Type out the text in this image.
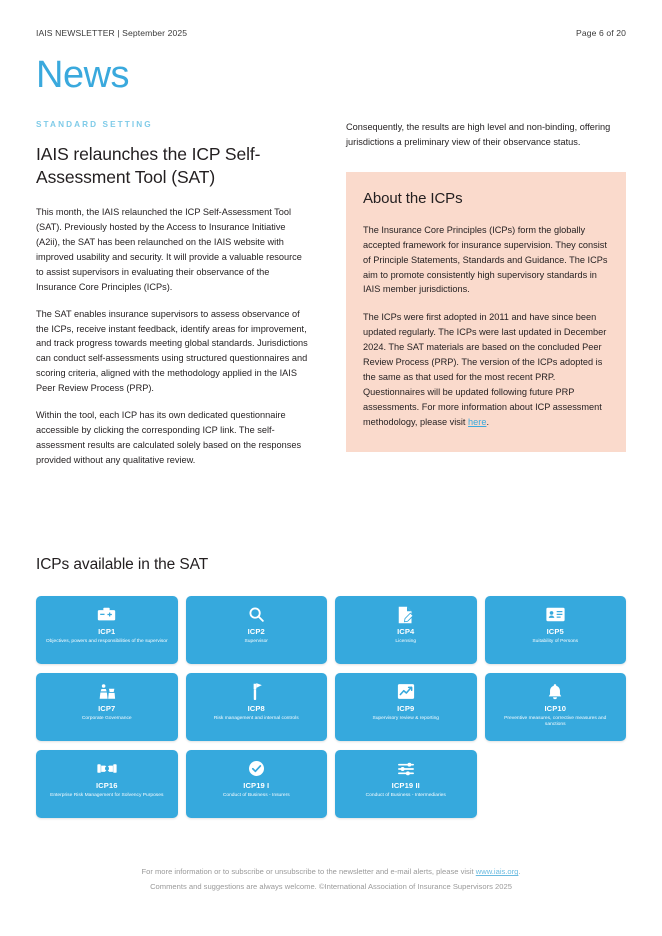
IAIS NEWSLETTER | September 2025	Page 6 of 20
News
STANDARD SETTING
IAIS relaunches the ICP Self-Assessment Tool (SAT)

This month, the IAIS relaunched the ICP Self-Assessment Tool (SAT). Previously hosted by the Access to Insurance Initiative (A2ii), the SAT has been relaunched on the IAIS website with improved usability and security. It will provide a valuable resource to assist supervisors in evaluating their observance of the Insurance Core Principles (ICPs).

The SAT enables insurance supervisors to assess observance of the ICPs, receive instant feedback, identify areas for improvement, and track progress towards meeting global standards. Jurisdictions can conduct self-assessments using structured questionnaires and scoring criteria, aligned with the methodology applied in the IAIS Peer Review Process (PRP).

Within the tool, each ICP has its own dedicated questionnaire accessible by clicking the corresponding ICP link. The self-assessment results are calculated solely based on the responses provided without any qualitative review.

Consequently, the results are high level and non-binding, offering jurisdictions a preliminary view of their observance status.

About the ICPs

The Insurance Core Principles (ICPs) form the globally accepted framework for insurance supervision. They consist of Principle Statements, Standards and Guidance. The ICPs aim to promote consistently high supervisory standards in IAIS member jurisdictions.

The ICPs were first adopted in 2011 and have since been updated regularly. The ICPs were last updated in December 2024. The SAT materials are based on the concluded Peer Review Process (PRP). The version of the ICPs adopted is the same as that used for the most recent PRP. Questionnaires will be updated following future PRP assessments. For more information about ICP assessment methodology, please visit here.

ICPs available in the SAT
ICP1
Objectives, powers and responsibilities of the supervisor
ICP2
Supervisor
ICP4
Licensing
ICP5
Suitability of Persons
ICP7
Corporate Governance
ICP8
Risk management and internal controls
ICP9
Supervisory review & reporting
ICP10
Preventive measures, corrective measures and sanctions
ICP16
Enterprise Risk Management for Solvency Purposes
ICP19 I
Conduct of Business - Insurers
ICP19 II
Conduct of Business - Intermediaries
For more information or to subscribe or unsubscribe to the newsletter and e-mail alerts, please visit www.iais.org.
Comments and suggestions are always welcome. ©International Association of Insurance Supervisors 2025
